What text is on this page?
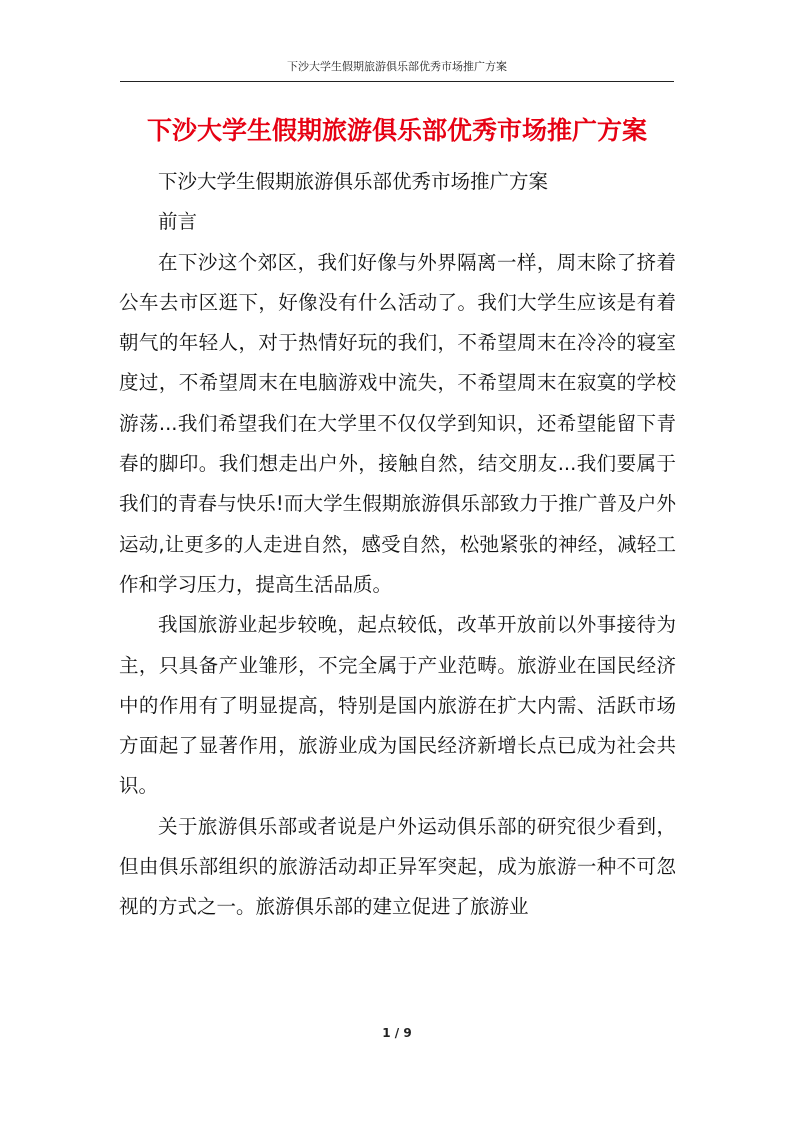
下沙大学生假期旅游俱乐部优秀市场推广方案
下沙大学生假期旅游俱乐部优秀市场推广方案

下沙大学生假期旅游俱乐部优秀市场推广方案

前言

在下沙这个郊区，我们好像与外界隔离一样，周末除了挤着公车去市区逛下，好像没有什么活动了。我们大学生应该是有着朝气的年轻人，对于热情好玩的我们，不希望周末在冷冷的寝室度过，不希望周末在电脑游戏中流失，不希望周末在寂寞的学校游荡...我们希望我们在大学里不仅仅学到知识，还希望能留下青春的脚印。我们想走出户外，接触自然，结交朋友...我们要属于我们的青春与快乐!而大学生假期旅游俱乐部致力于推广普及户外运动,让更多的人走进自然，感受自然，松弛紧张的神经，减轻工作和学习压力，提高生活品质。

我国旅游业起步较晚，起点较低，改革开放前以外事接待为主，只具备产业雏形，不完全属于产业范畴。旅游业在国民经济中的作用有了明显提高，特别是国内旅游在扩大内需、活跃市场方面起了显著作用，旅游业成为国民经济新增长点已成为社会共识。

关于旅游俱乐部或者说是户外运动俱乐部的研究很少看到，但由俱乐部组织的旅游活动却正异军突起，成为旅游一种不可忽视的方式之一。旅游俱乐部的建立促进了旅游业

1 / 9
